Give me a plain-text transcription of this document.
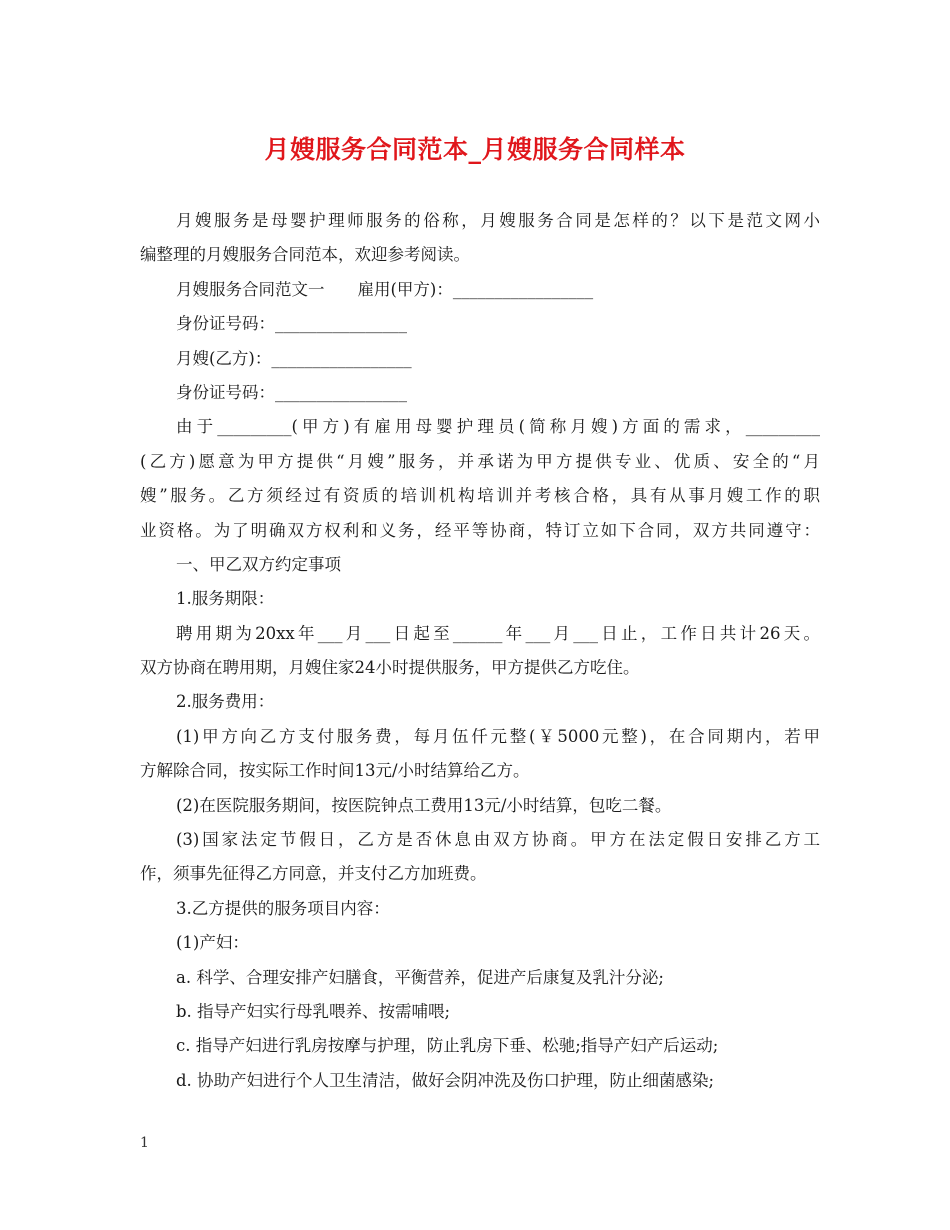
月嫂服务合同范本_月嫂服务合同样本
月嫂服务是母婴护理师服务的俗称，月嫂服务合同是怎样的？以下是范文网小
编整理的月嫂服务合同范本，欢迎参考阅读。
月嫂服务合同范文一　　雇用(甲方)：_________________
身份证号码：________________
月嫂(乙方)：_________________
身份证号码：________________
由于_________(甲方)有雇用母婴护理员(简称月嫂)方面的需求，_________
(乙方)愿意为甲方提供“月嫂”服务，并承诺为甲方提供专业、优质、安全的“月
嫂”服务。乙方须经过有资质的培训机构培训并考核合格，具有从事月嫂工作的职
业资格。为了明确双方权利和义务，经平等协商，特订立如下合同，双方共同遵守：
一、甲乙双方约定事项
1.服务期限：
聘用期为20xx年___月___日起至______年___月___日止，工作日共计26天。
双方协商在聘用期，月嫂住家24小时提供服务，甲方提供乙方吃住。
2.服务费用：
(1)甲方向乙方支付服务费，每月伍仟元整(￥5000元整)，在合同期内，若甲
方解除合同，按实际工作时间13元/小时结算给乙方。
(2)在医院服务期间，按医院钟点工费用13元/小时结算，包吃二餐。
(3)国家法定节假日，乙方是否休息由双方协商。甲方在法定假日安排乙方工
作，须事先征得乙方同意，并支付乙方加班费。
3.乙方提供的服务项目内容：
(1)产妇：
a. 科学、合理安排产妇膳食，平衡营养，促进产后康复及乳汁分泌;
b. 指导产妇实行母乳喂养、按需哺喂;
c. 指导产妇进行乳房按摩与护理，防止乳房下垂、松驰;指导产妇产后运动;
d. 协助产妇进行个人卫生清洁，做好会阴冲洗及伤口护理，防止细菌感染;
1
